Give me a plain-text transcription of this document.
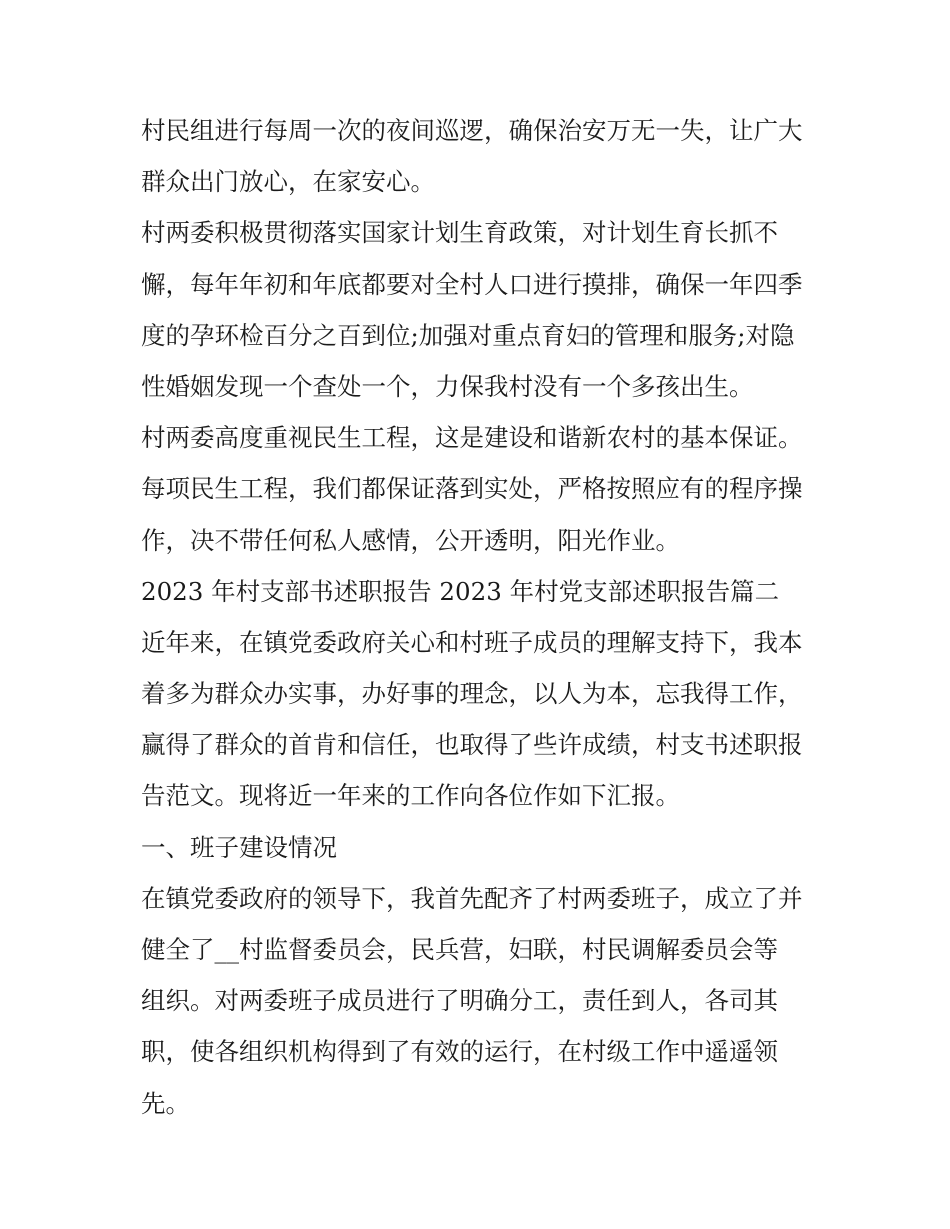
村民组进行每周一次的夜间巡逻，确保治安万无一失，让广大
群众出门放心，在家安心。
村两委积极贯彻落实国家计划生育政策，对计划生育长抓不
懈，每年年初和年底都要对全村人口进行摸排，确保一年四季
度的孕环检百分之百到位;加强对重点育妇的管理和服务;对隐
性婚姻发现一个查处一个，力保我村没有一个多孩出生。
村两委高度重视民生工程，这是建设和谐新农村的基本保证。
每项民生工程，我们都保证落到实处，严格按照应有的程序操
作，决不带任何私人感情，公开透明，阳光作业。
2023 年村支部书述职报告 2023 年村党支部述职报告篇二
近年来，在镇党委政府关心和村班子成员的理解支持下，我本
着多为群众办实事，办好事的理念，以人为本，忘我得工作，
赢得了群众的首肯和信任，也取得了些许成绩，村支书述职报
告范文。现将近一年来的工作向各位作如下汇报。
一、班子建设情况
在镇党委政府的领导下，我首先配齐了村两委班子，成立了并
健全了__村监督委员会，民兵营，妇联，村民调解委员会等
组织。对两委班子成员进行了明确分工，责任到人，各司其
职，使各组织机构得到了有效的运行，在村级工作中遥遥领
先。
